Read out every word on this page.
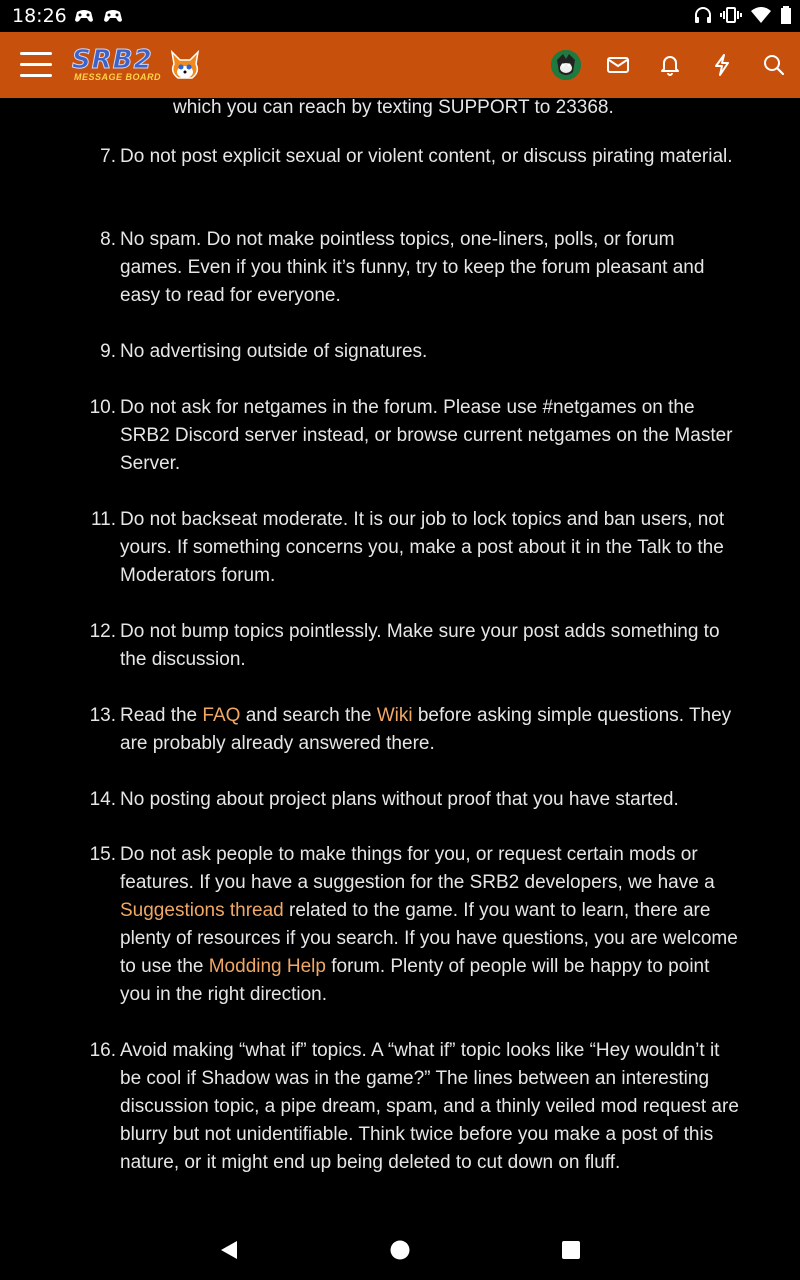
18:26
SRB2
MESSAGE BOARD
which you can reach by texting SUPPORT to 23368.
7. Do not post explicit sexual or violent content, or discuss pirating material.
8. No spam. Do not make pointless topics, one-liners, polls, or forum games. Even if you think it’s funny, try to keep the forum pleasant and easy to read for everyone.
9. No advertising outside of signatures.
10. Do not ask for netgames in the forum. Please use #netgames on the SRB2 Discord server instead, or browse current netgames on the Master Server.
11. Do not backseat moderate. It is our job to lock topics and ban users, not yours. If something concerns you, make a post about it in the Talk to the Moderators forum.
12. Do not bump topics pointlessly. Make sure your post adds something to the discussion.
13. Read the FAQ and search the Wiki before asking simple questions. They are probably already answered there.
14. No posting about project plans without proof that you have started.
15. Do not ask people to make things for you, or request certain mods or features. If you have a suggestion for the SRB2 developers, we have a Suggestions thread related to the game. If you want to learn, there are plenty of resources if you search. If you have questions, you are welcome to use the Modding Help forum. Plenty of people will be happy to point you in the right direction.
16. Avoid making “what if” topics. A “what if” topic looks like “Hey wouldn’t it be cool if Shadow was in the game?” The lines between an interesting discussion topic, a pipe dream, spam, and a thinly veiled mod request are blurry but not unidentifiable. Think twice before you make a post of this nature, or it might end up being deleted to cut down on fluff.
